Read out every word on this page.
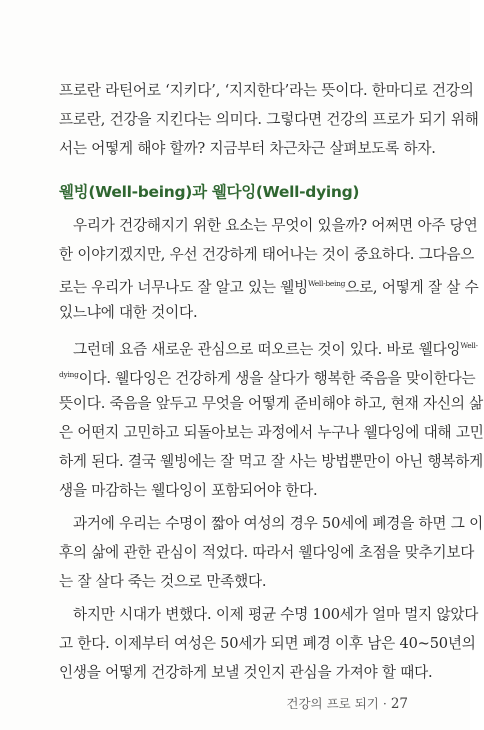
프로란 라틴어로 ‘지키다’, ‘지지한다’라는 뜻이다. 한마디로 건강의
프로란, 건강을 지킨다는 의미다. 그렇다면 건강의 프로가 되기 위해
서는 어떻게 해야 할까? 지금부터 차근차근 살펴보도록 하자.
웰빙(Well-being)과 웰다잉(Well-dying)
우리가 건강해지기 위한 요소는 무엇이 있을까? 어쩌면 아주 당연
한 이야기겠지만, 우선 건강하게 태어나는 것이 중요하다. 그다음으
로는 우리가 너무나도 잘 알고 있는 웰빙$^{Well-being}$으로, 어떻게 잘 살 수
있느냐에 대한 것이다.
그런데 요즘 새로운 관심으로 떠오르는 것이 있다. 바로 웰다잉$^{Well-}$
$^{dying}$이다. 웰다잉은 건강하게 생을 살다가 행복한 죽음을 맞이한다는
뜻이다. 죽음을 앞두고 무엇을 어떻게 준비해야 하고, 현재 자신의 삶
은 어떤지 고민하고 되돌아보는 과정에서 누구나 웰다잉에 대해 고민
하게 된다. 결국 웰빙에는 잘 먹고 잘 사는 방법뿐만이 아닌 행복하게
생을 마감하는 웰다잉이 포함되어야 한다.
과거에 우리는 수명이 짧아 여성의 경우 50세에 폐경을 하면 그 이
후의 삶에 관한 관심이 적었다. 따라서 웰다잉에 초점을 맞추기보다
는 잘 살다 죽는 것으로 만족했다.
하지만 시대가 변했다. 이제 평균 수명 100세가 얼마 멀지 않았다
고 한다. 이제부터 여성은 50세가 되면 폐경 이후 남은 40~50년의
인생을 어떻게 건강하게 보낼 것인지 관심을 가져야 할 때다.
건강의 프로 되기 · 27
